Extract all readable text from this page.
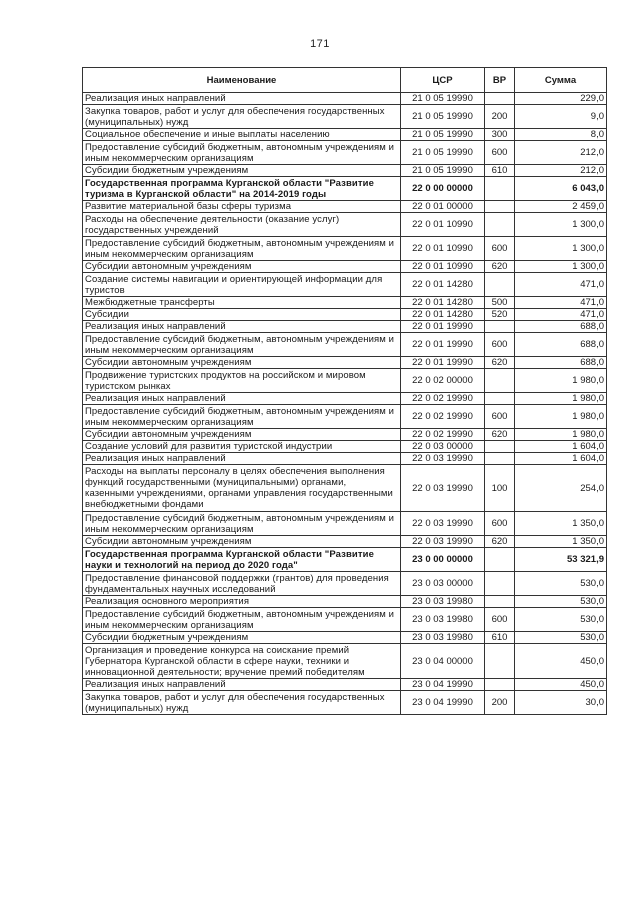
171
Наименование	ЦСР	ВР	Сумма
Реализация иных направлений	21 0 05 19990		229,0
Закупка товаров, работ и услуг для обеспечения государственных (муниципальных) нужд	21 0 05 19990	200	9,0
Социальное обеспечение и иные выплаты населению	21 0 05 19990	300	8,0
Предоставление субсидий бюджетным, автономным учреждениям и иным некоммерческим организациям	21 0 05 19990	600	212,0
Субсидии бюджетным учреждениям	21 0 05 19990	610	212,0
Государственная программа Курганской области "Развитие туризма в Курганской области" на 2014-2019 годы	22 0 00 00000		6 043,0
Развитие материальной базы сферы туризма	22 0 01 00000		2 459,0
Расходы на обеспечение деятельности (оказание услуг) государственных учреждений	22 0 01 10990		1 300,0
Предоставление субсидий бюджетным, автономным учреждениям и иным некоммерческим организациям	22 0 01 10990	600	1 300,0
Субсидии автономным учреждениям	22 0 01 10990	620	1 300,0
Создание системы навигации и ориентирующей информации для туристов	22 0 01 14280		471,0
Межбюджетные трансферты	22 0 01 14280	500	471,0
Субсидии	22 0 01 14280	520	471,0
Реализация иных направлений	22 0 01 19990		688,0
Предоставление субсидий бюджетным, автономным учреждениям и иным некоммерческим организациям	22 0 01 19990	600	688,0
Субсидии автономным учреждениям	22 0 01 19990	620	688,0
Продвижение туристских продуктов на российском и мировом туристском рынках	22 0 02 00000		1 980,0
Реализация иных направлений	22 0 02 19990		1 980,0
Предоставление субсидий бюджетным, автономным учреждениям и иным некоммерческим организациям	22 0 02 19990	600	1 980,0
Субсидии автономным учреждениям	22 0 02 19990	620	1 980,0
Создание условий для развития туристской индустрии	22 0 03 00000		1 604,0
Реализация иных направлений	22 0 03 19990		1 604,0
Расходы на выплаты персоналу в целях обеспечения выполнения функций государственными (муниципальными) органами, казенными учреждениями, органами управления государственными внебюджетными фондами	22 0 03 19990	100	254,0
Предоставление субсидий бюджетным, автономным учреждениям и иным некоммерческим организациям	22 0 03 19990	600	1 350,0
Субсидии автономным учреждениям	22 0 03 19990	620	1 350,0
Государственная программа Курганской области "Развитие науки и технологий на период до 2020 года"	23 0 00 00000		53 321,9
Предоставление финансовой поддержки (грантов) для проведения фундаментальных научных исследований	23 0 03 00000		530,0
Реализация основного мероприятия	23 0 03 19980		530,0
Предоставление субсидий бюджетным, автономным учреждениям и иным некоммерческим организациям	23 0 03 19980	600	530,0
Субсидии бюджетным учреждениям	23 0 03 19980	610	530,0
Организация и проведение конкурса на соискание премий Губернатора Курганской области в сфере науки, техники и инновационной деятельности; вручение премий победителям	23 0 04 00000		450,0
Реализация иных направлений	23 0 04 19990		450,0
Закупка товаров, работ и услуг для обеспечения государственных (муниципальных) нужд	23 0 04 19990	200	30,0
